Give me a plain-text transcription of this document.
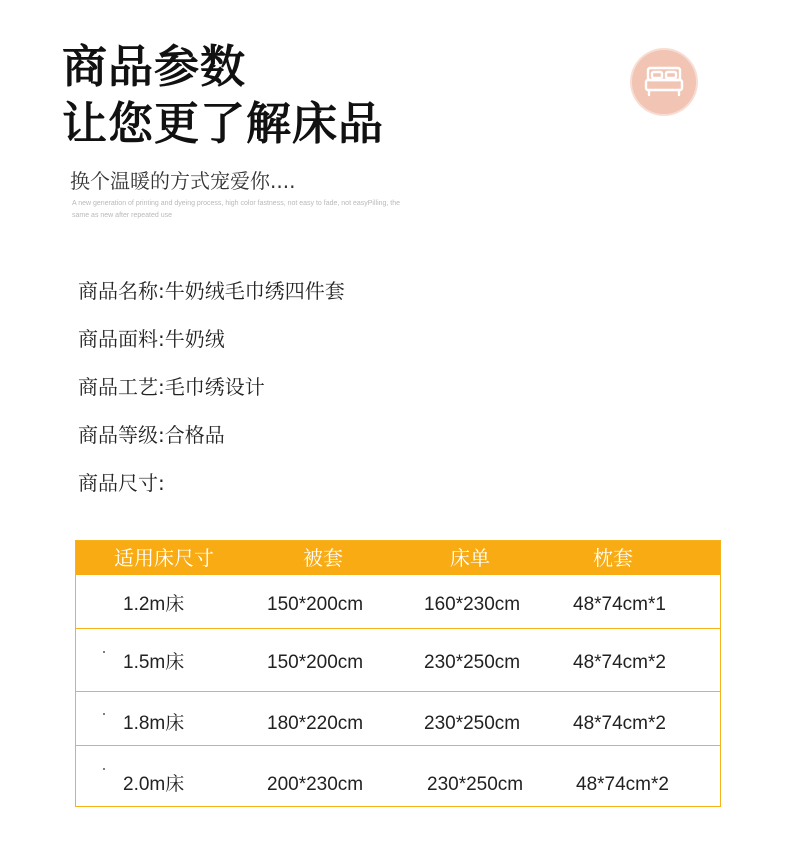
商品参数
让您更了解床品
换个温暖的方式宠爱你....
A new generation of printing and dyeing process, high color fastness, not easy to fade, not easyPilling, the same as new after repeated use
商品名称:牛奶绒毛巾绣四件套
商品面料:牛奶绒
商品工艺:毛巾绣设计
商品等级:合格品
商品尺寸:
适用床尺寸	被套	床单	枕套
1.2m床	150*200cm	160*230cm	48*74cm*1
1.5m床	150*200cm	230*250cm	48*74cm*2
1.8m床	180*220cm	230*250cm	48*74cm*2
2.0m床	200*230cm	230*250cm	48*74cm*2
